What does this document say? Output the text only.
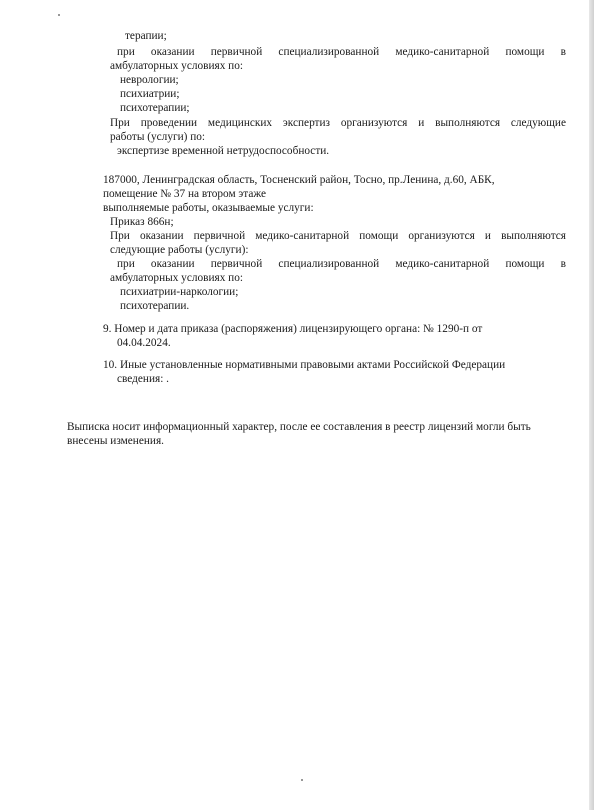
терапии;
при оказании первичной специализированной медико-санитарной помощи в
амбулаторных условиях по:
неврологии;
психиатрии;
психотерапии;
При проведении медицинских экспертиз организуются и выполняются следующие
работы (услуги) по:
экспертизе временной нетрудоспособности.
187000, Ленинградская область, Тосненский район, Тосно, пр.Ленина, д.60, АБК,
помещение № 37 на втором этаже
выполняемые работы, оказываемые услуги:
Приказ 866н;
При оказании первичной медико-санитарной помощи организуются и выполняются
следующие работы (услуги):
при оказании первичной специализированной медико-санитарной помощи в
амбулаторных условиях по:
психиатрии-наркологии;
психотерапии.
9. Номер и дата приказа (распоряжения) лицензирующего органа: № 1290-п от
04.04.2024.
10. Иные установленные нормативными правовыми актами Российской Федерации
сведения: .
Выписка носит информационный характер, после ее составления в реестр лицензий могли быть
внесены изменения.
